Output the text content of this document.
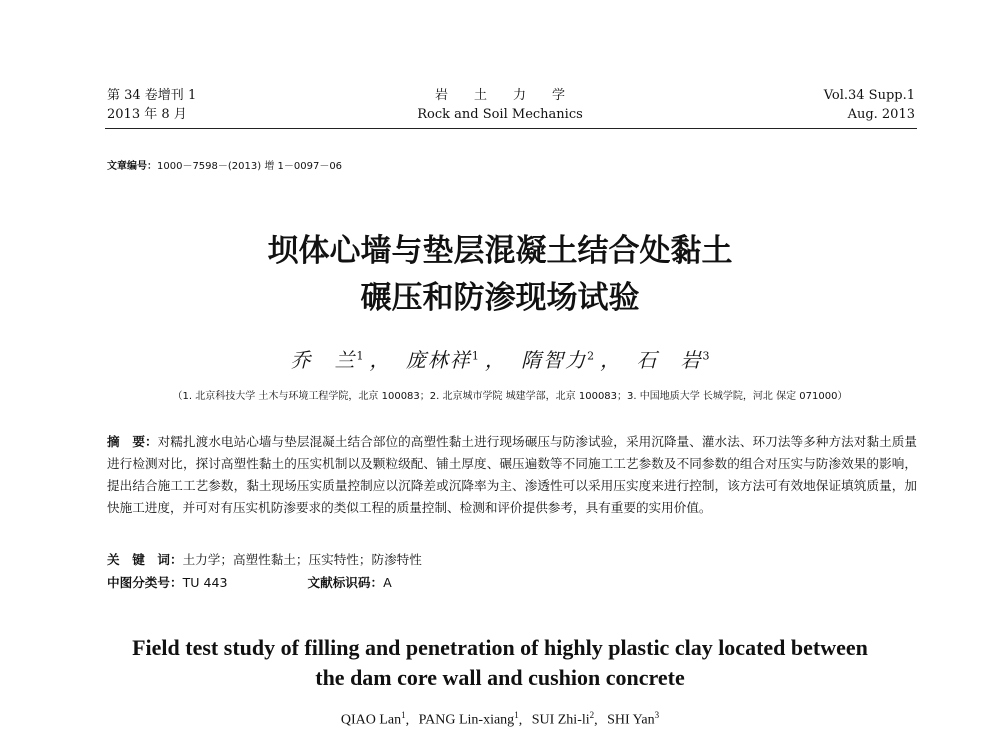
第 34 卷增刊 1
2013 年 8 月
岩土力学
Rock and Soil Mechanics
Vol.34 Supp.1
Aug. 2013
文章编号：1000－7598－(2013) 增 1－0097－06
坝体心墙与垫层混凝土结合处黏土
碾压和防渗现场试验
乔　兰$^1$ ， 庞林祥$^1$ ， 隋智力$^2$ ， 石　岩$^3$
（1. 北京科技大学 土木与环境工程学院，北京 100083；2. 北京城市学院 城建学部，北京 100083；3. 中国地质大学 长城学院，河北 保定 071000）
摘　要：对糯扎渡水电站心墙与垫层混凝土结合部位的高塑性黏土进行现场碾压与防渗试验，采用沉降量、灌水法、环刀法等多种方法对黏土质量进行检测对比，探讨高塑性黏土的压实机制以及颗粒级配、铺土厚度、碾压遍数等不同施工工艺参数及不同参数的组合对压实与防渗效果的影响，提出结合施工工艺参数，黏土现场压实质量控制应以沉降差或沉降率为主、渗透性可以采用压实度来进行控制，该方法可有效地保证填筑质量，加快施工进度，并可对有压实机防渗要求的类似工程的质量控制、检测和评价提供参考，具有重要的实用价值。
关　键　词：土力学；高塑性黏土；压实特性；防渗特性
中图分类号：TU 443	文献标识码：A
Field test study of filling and penetration of highly plastic clay located between
the dam core wall and cushion concrete
QIAO Lan$^1$, PANG Lin-xiang$^1$, SUI Zhi-$li^2$, SHI Yan$^3$
